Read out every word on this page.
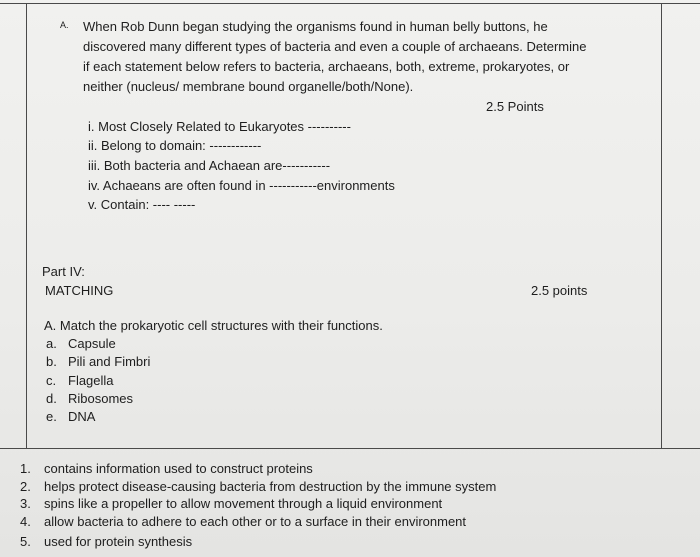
A. When Rob Dunn began studying the organisms found in human belly buttons, he
discovered many different types of bacteria and even a couple of archaeans. Determine
if each statement below refers to bacteria, archaeans, both, extreme, prokaryotes, or
neither (nucleus/ membrane bound organelle/both/None).
2.5 Points
i. Most Closely Related to Eukaryotes ----------
ii. Belong to domain: ------------
iii. Both bacteria and Achaean are-----------
iv. Achaeans are often found in -----------environments
v. Contain: ---- -----
Part IV:
MATCHING	2.5 points
A. Match the prokaryotic cell structures with their functions.
a. Capsule
b. Pili and Fimbri
c. Flagella
d. Ribosomes
e. DNA
1. contains information used to construct proteins
2. helps protect disease-causing bacteria from destruction by the immune system
3. spins like a propeller to allow movement through a liquid environment
4. allow bacteria to adhere to each other or to a surface in their environment
5. used for protein synthesis
